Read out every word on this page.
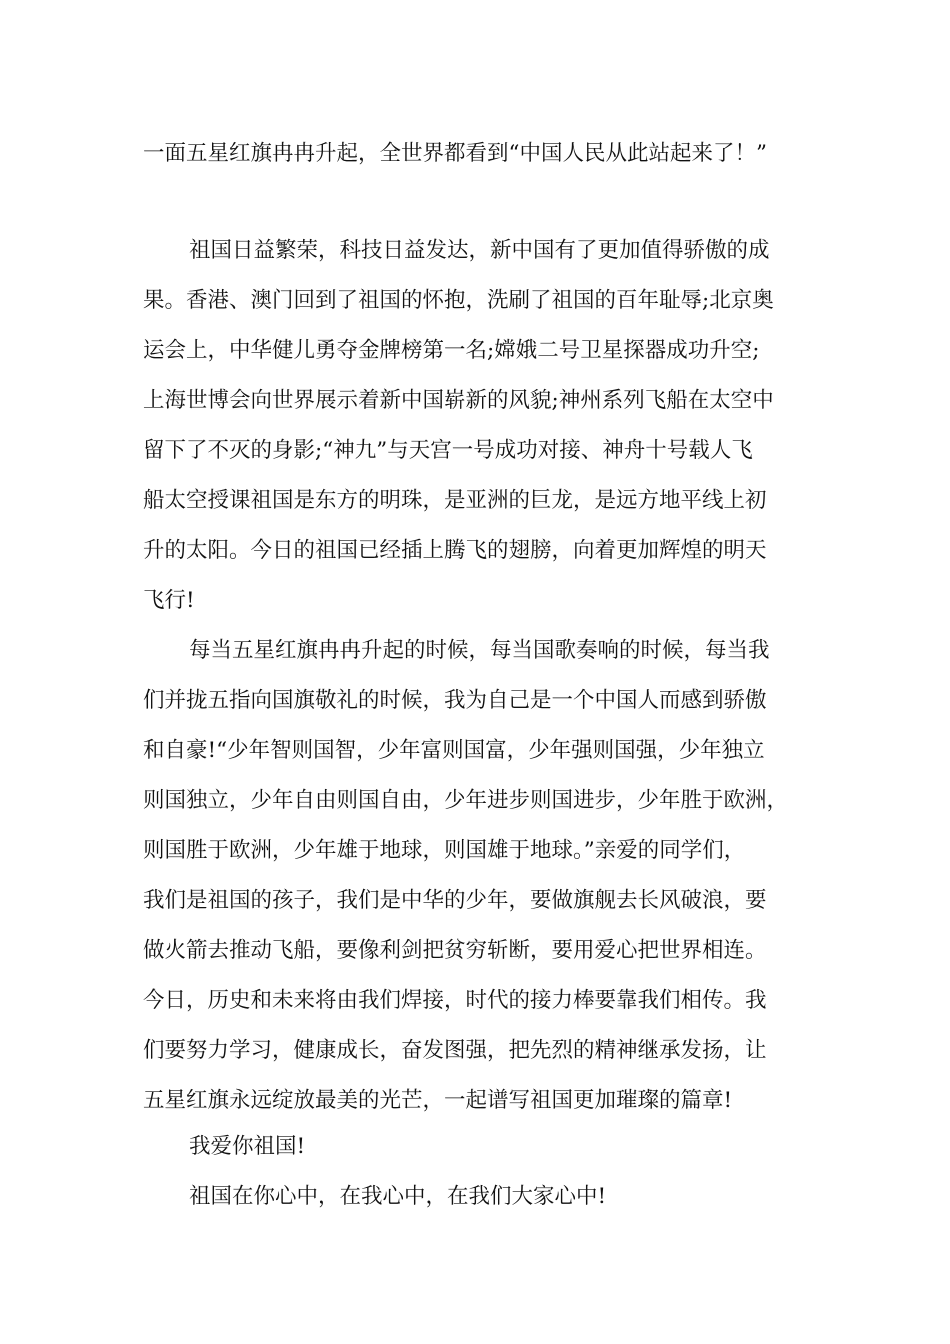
一面五星红旗冉冉升起，全世界都看到“中国人民从此站起来了！”
祖国日益繁荣，科技日益发达，新中国有了更加值得骄傲的成
果。香港、澳门回到了祖国的怀抱，洗刷了祖国的百年耻辱;北京奥
运会上，中华健儿勇夺金牌榜第一名;嫦娥二号卫星探器成功升空;
上海世博会向世界展示着新中国崭新的风貌;神州系列飞船在太空中
留下了不灭的身影;“神九”与天宫一号成功对接、神舟十号载人飞
船太空授课祖国是东方的明珠，是亚洲的巨龙，是远方地平线上初
升的太阳。今日的祖国已经插上腾飞的翅膀，向着更加辉煌的明天
飞行!
每当五星红旗冉冉升起的时候，每当国歌奏响的时候，每当我
们并拢五指向国旗敬礼的时候，我为自己是一个中国人而感到骄傲
和自豪!“少年智则国智，少年富则国富，少年强则国强，少年独立
则国独立，少年自由则国自由，少年进步则国进步，少年胜于欧洲，
则国胜于欧洲，少年雄于地球，则国雄于地球。”亲爱的同学们，
我们是祖国的孩子，我们是中华的少年，要做旗舰去长风破浪，要
做火箭去推动飞船，要像利剑把贫穷斩断，要用爱心把世界相连。
今日，历史和未来将由我们焊接，时代的接力棒要靠我们相传。我
们要努力学习，健康成长，奋发图强，把先烈的精神继承发扬，让
五星红旗永远绽放最美的光芒，一起谱写祖国更加璀璨的篇章!
我爱你祖国!
祖国在你心中，在我心中，在我们大家心中!
